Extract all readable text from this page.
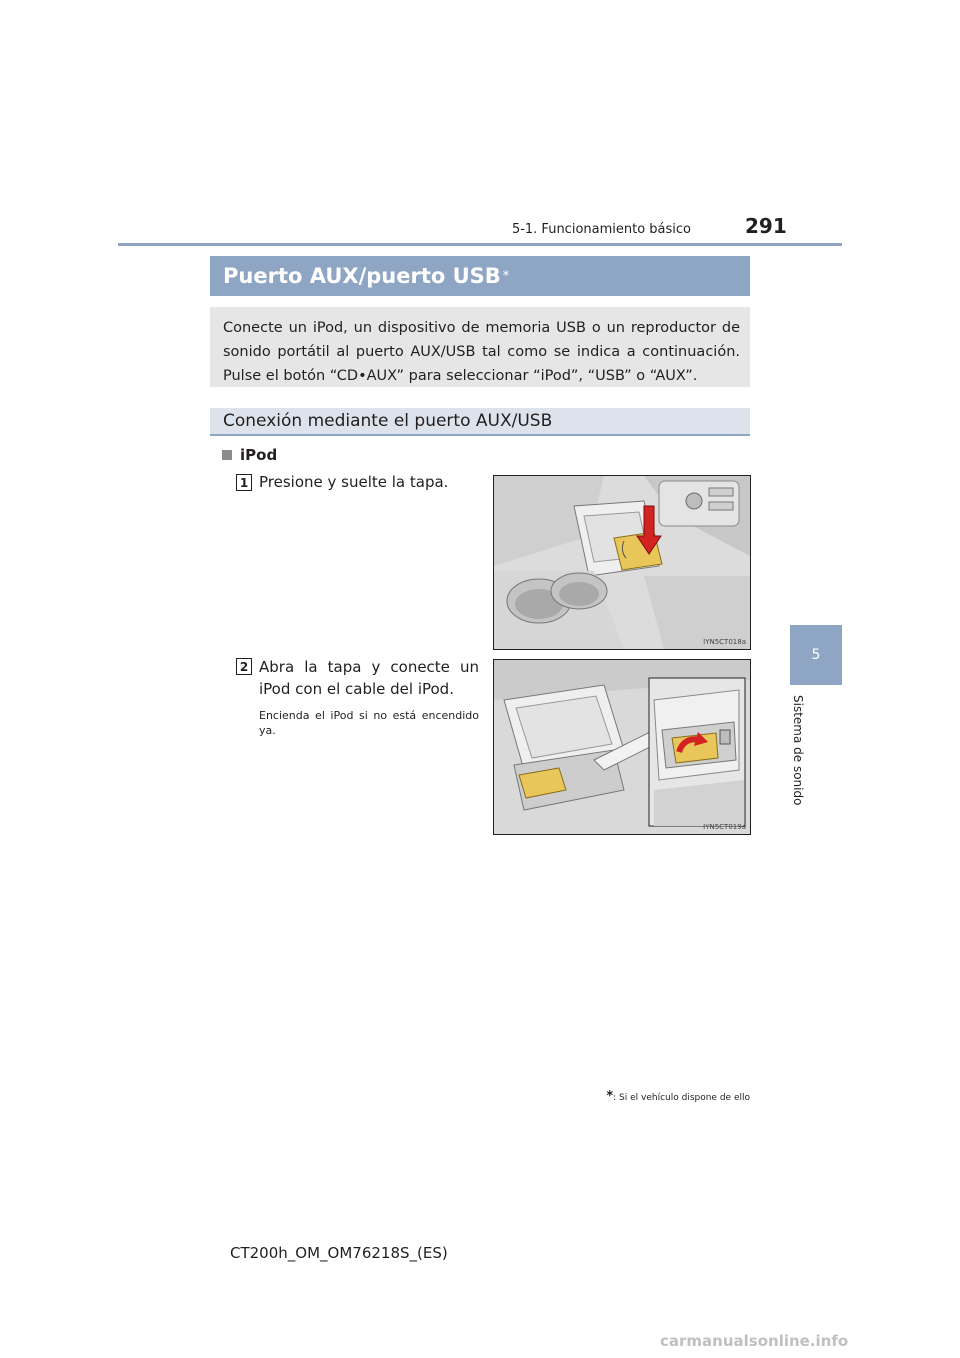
5-1. Funcionamiento básico	291
5
Sistema de sonido
Puerto AUX/puerto USB *
Conecte un iPod, un dispositivo de memoria USB o un reproductor de sonido portátil al puerto AUX/USB tal como se indica a continuación. Pulse el botón “CD•AUX” para seleccionar “iPod”, “USB” o “AUX”.
Conexión mediante el puerto AUX/USB
iPod
1 Presione y suelte la tapa.
2 Abra la tapa y conecte un iPod con el cable del iPod.
Encienda el iPod si no está encendido ya.
IYN5CT018a
IYN5CT019a
*: Si el vehículo dispone de ello
CT200h_OM_OM76218S_(ES)
carmanualsonline.info
